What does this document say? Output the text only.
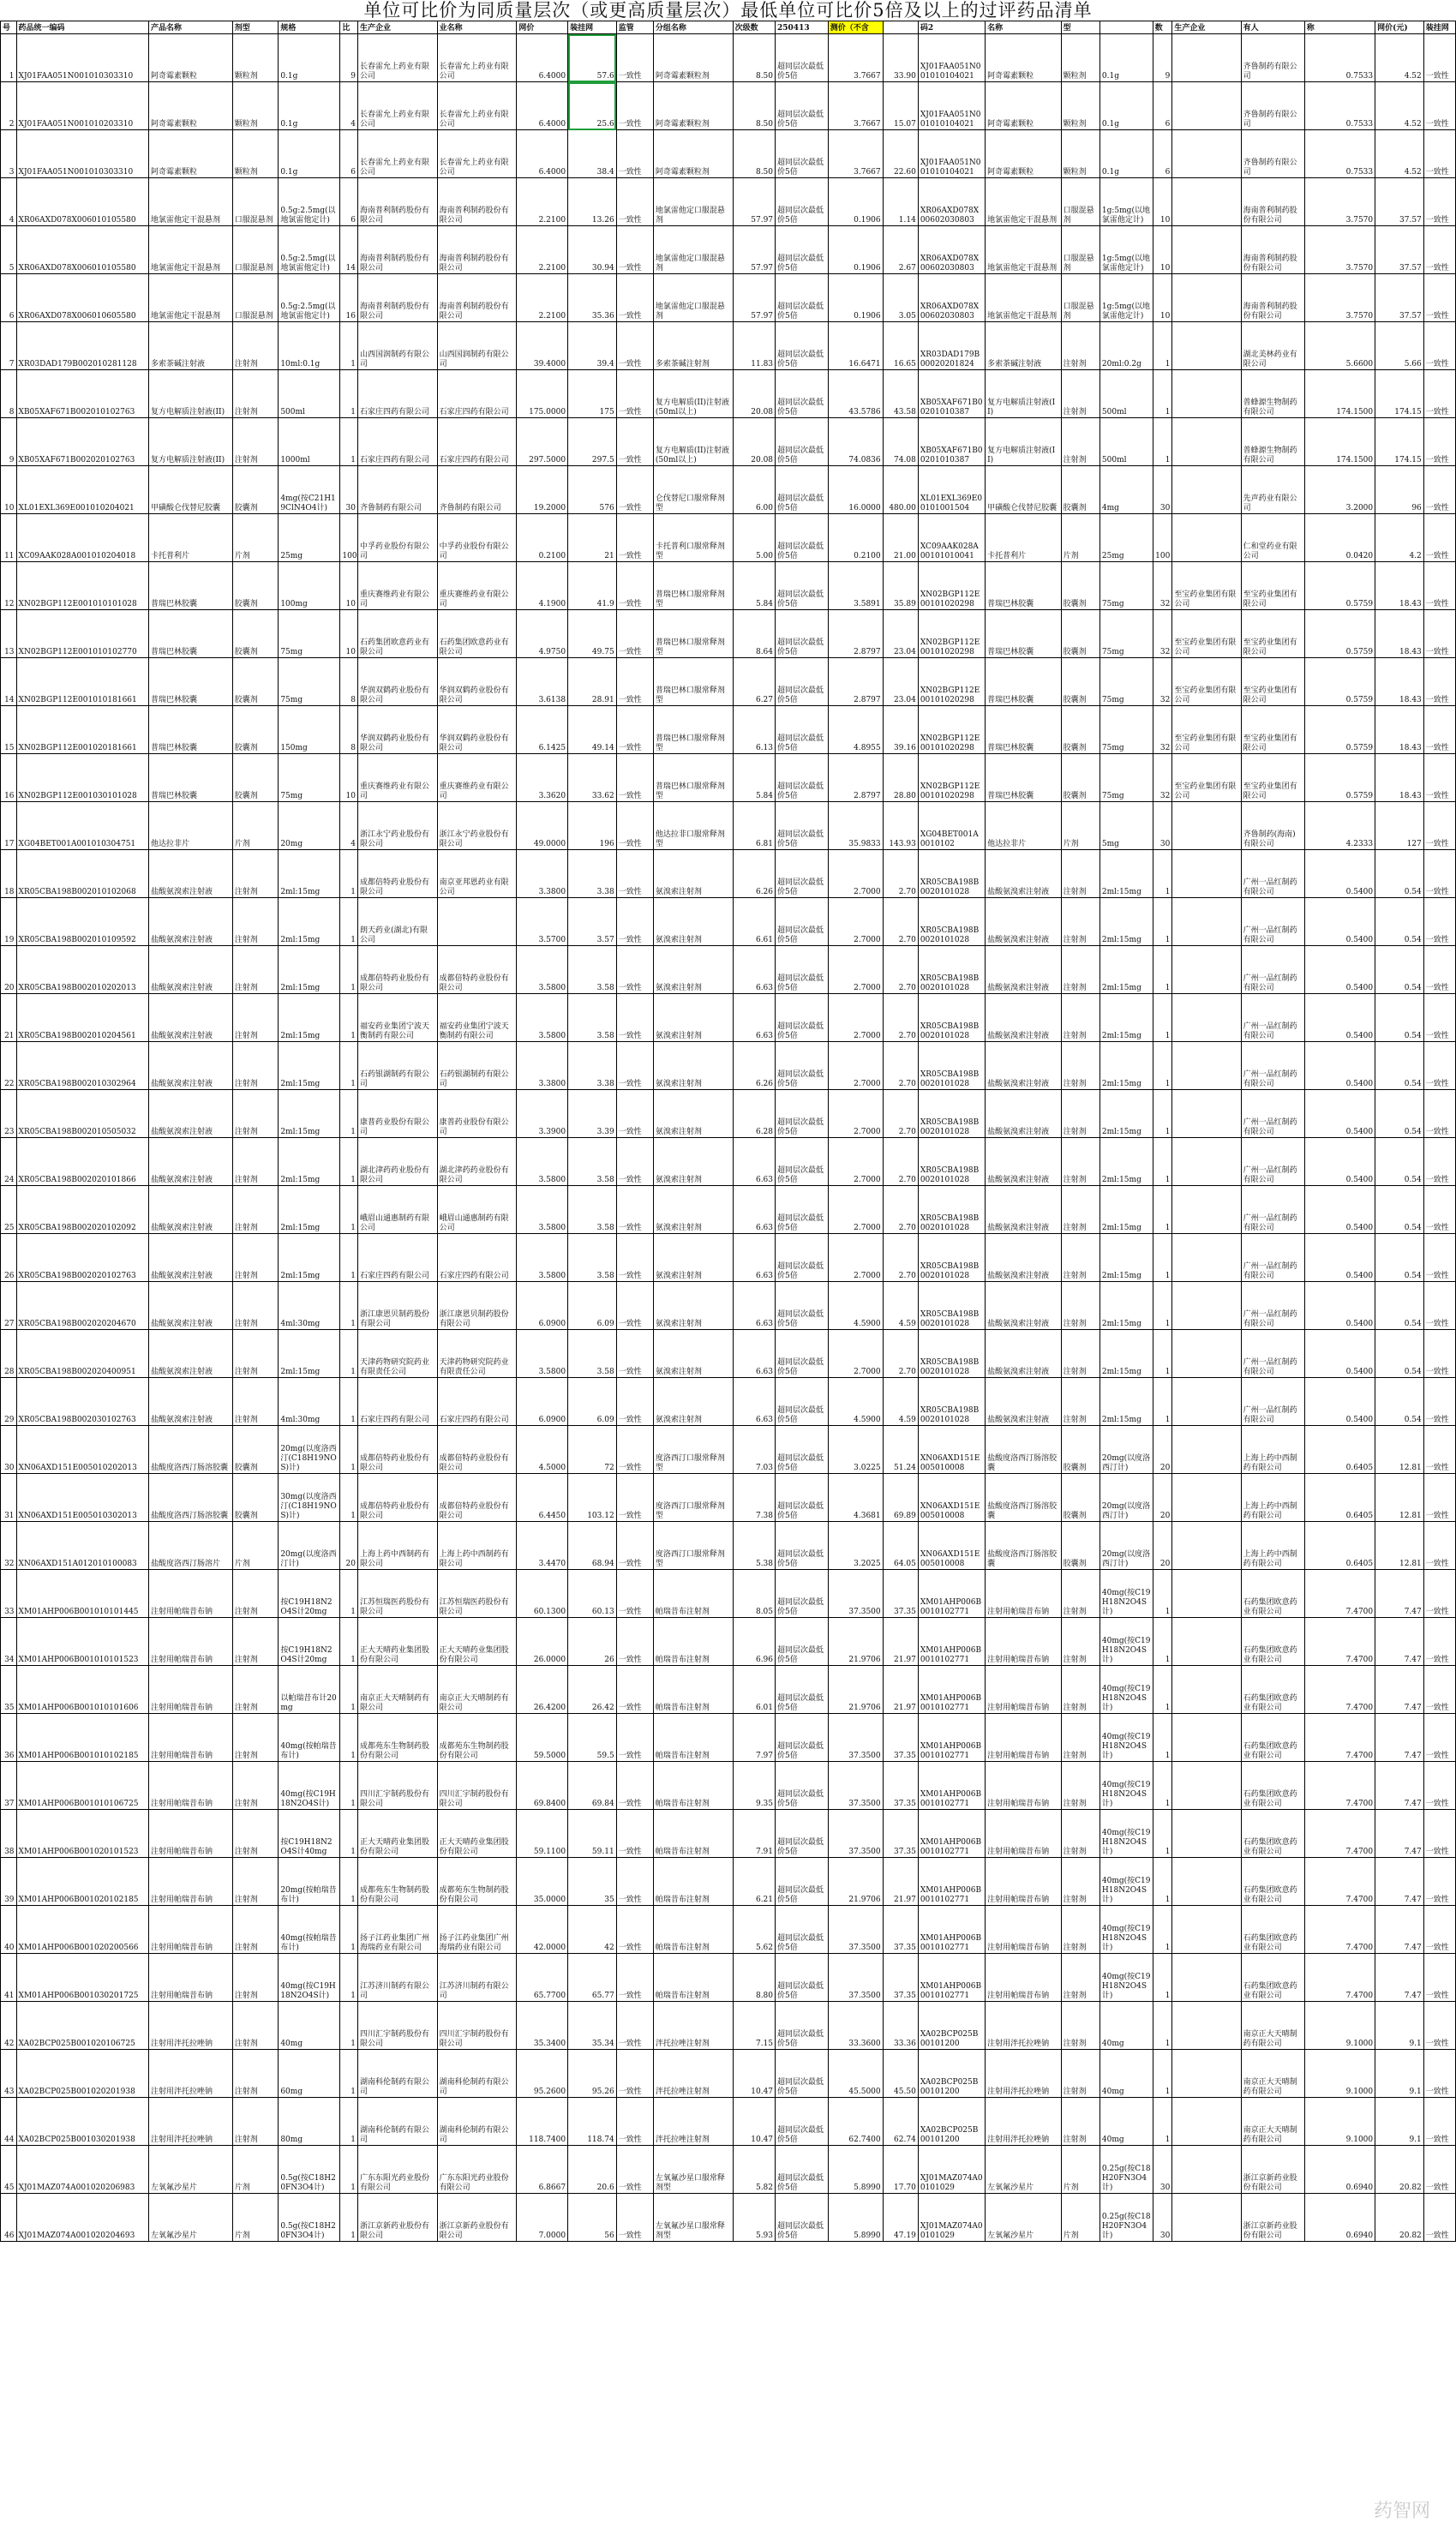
单位可比价为同质量层次（或更高质量层次）最低单位可比价5倍及以上的过评药品清单
号	药品统一编码	产品名称	剂型	规格	比	生产企业	业名称	网价	装挂网	监管	分组名称	次级数	250413	测价（不含		码2	名称	型		数	生产企业	有人	称	网价(元)	装挂网
1	XJ01FAA051N001010303310	阿奇霉素颗粒	颗粒剂	0.1g	9	长春雷允上药业有限公司	长春雷允上药业有限公司	6.4000	57.6	一致性	阿奇霉素颗粒剂	8.50	超同层次最低价5倍	3.7667	33.90	XJ01FAA051N001010104021	阿奇霉素颗粒	颗粒剂	0.1g	9		齐鲁制药有限公司	0.7533	4.52	一致性
2	XJ01FAA051N001010203310	阿奇霉素颗粒	颗粒剂	0.1g	4	长春雷允上药业有限公司	长春雷允上药业有限公司	6.4000	25.6	一致性	阿奇霉素颗粒剂	8.50	超同层次最低价5倍	3.7667	15.07	XJ01FAA051N001010104021	阿奇霉素颗粒	颗粒剂	0.1g	6		齐鲁制药有限公司	0.7533	4.52	一致性
3	XJ01FAA051N001010303310	阿奇霉素颗粒	颗粒剂	0.1g	6	长春雷允上药业有限公司	长春雷允上药业有限公司	6.4000	38.4	一致性	阿奇霉素颗粒剂	8.50	超同层次最低价5倍	3.7667	22.60	XJ01FAA051N001010104021	阿奇霉素颗粒	颗粒剂	0.1g	6		齐鲁制药有限公司	0.7533	4.52	一致性
4	XR06AXD078X006010105580	地氯雷他定干混悬剂	口服混悬剂	0.5g:2.5mg(以地氯雷他定计)	6	海南普利制药股份有限公司	海南普利制药股份有限公司	2.2100	13.26	一致性	地氯雷他定口服混悬剂	57.97	超同层次最低价5倍	0.1906	1.14	XR06AXD078X00602030803	地氯雷他定干混悬剂	口服混悬剂	1g:5mg(以地氯雷他定计)	10		海南普利制药股份有限公司	3.7570	37.57	一致性
5	XR06AXD078X006010105580	地氯雷他定干混悬剂	口服混悬剂	0.5g:2.5mg(以地氯雷他定计)	14	海南普利制药股份有限公司	海南普利制药股份有限公司	2.2100	30.94	一致性	地氯雷他定口服混悬剂	57.97	超同层次最低价5倍	0.1906	2.67	XR06AXD078X00602030803	地氯雷他定干混悬剂	口服混悬剂	1g:5mg(以地氯雷他定计)	10		海南普利制药股份有限公司	3.7570	37.57	一致性
6	XR06AXD078X006010605580	地氯雷他定干混悬剂	口服混悬剂	0.5g:2.5mg(以地氯雷他定计)	16	海南普利制药股份有限公司	海南普利制药股份有限公司	2.2100	35.36	一致性	地氯雷他定口服混悬剂	57.97	超同层次最低价5倍	0.1906	3.05	XR06AXD078X00602030803	地氯雷他定干混悬剂	口服混悬剂	1g:5mg(以地氯雷他定计)	10		海南普利制药股份有限公司	3.7570	37.57	一致性
7	XR03DAD179B002010281128	多索茶碱注射液	注射剂	10ml:0.1g	1	山西国润制药有限公司	山西国润制药有限公司	39.4000	39.4	一致性	多索茶碱注射剂	11.83	超同层次最低价5倍	16.6471	16.65	XR03DAD179B00020201824	多索茶碱注射液	注射剂	20ml:0.2g	1		湖北美林药业有限公司	5.6600	5.66	一致性
8	XB05XAF671B002010102763	复方电解质注射液(II)	注射剂	500ml	1	石家庄四药有限公司	石家庄四药有限公司	175.0000	175	一致性	复方电解质(II)注射液(50ml以上)	20.08	超同层次最低价5倍	43.5786	43.58	XB05XAF671B00201010387	复方电解质注射液(II)	注射剂	500ml	1		普蜂源生物制药有限公司	174.1500	174.15	一致性
9	XB05XAF671B002020102763	复方电解质注射液(II)	注射剂	1000ml	1	石家庄四药有限公司	石家庄四药有限公司	297.5000	297.5	一致性	复方电解质(II)注射液(50ml以上)	20.08	超同层次最低价5倍	74.0836	74.08	XB05XAF671B00201010387	复方电解质注射液(II)	注射剂	500ml	1		普蜂源生物制药有限公司	174.1500	174.15	一致性
10	XL01EXL369E001010204021	甲磺酸仑伐替尼胶囊	胶囊剂	4mg(按C21H19ClN4O4计)	30	齐鲁制药有限公司	齐鲁制药有限公司	19.2000	576	一致性	仑伐替尼口服常释剂型	6.00	超同层次最低价5倍	16.0000	480.00	XL01EXL369E00101001504	甲磺酸仑伐替尼胶囊	胶囊剂	4mg	30		先声药业有限公司	3.2000	96	一致性
11	XC09AAK028A001010204018	卡托普利片	片剂	25mg	100	中孚药业股份有限公司	中孚药业股份有限公司	0.2100	21	一致性	卡托普利口服常释剂型	5.00	超同层次最低价5倍	0.2100	21.00	XC09AAK028A00101010041	卡托普利片	片剂	25mg	100		仁和堂药业有限公司	0.0420	4.2	一致性
12	XN02BGP112E001010101028	普瑞巴林胶囊	胶囊剂	100mg	10	重庆赛维药业有限公司	重庆赛维药业有限公司	4.1900	41.9	一致性	普瑞巴林口服常释剂型	5.84	超同层次最低价5倍	3.5891	35.89	XN02BGP112E00101020298	普瑞巴林胶囊	胶囊剂	75mg	32	至宝药业集团有限公司	至宝药业集团有限公司	0.5759	18.43	一致性
13	XN02BGP112E001010102770	普瑞巴林胶囊	胶囊剂	75mg	10	石药集团欧意药业有限公司	石药集团欧意药业有限公司	4.9750	49.75	一致性	普瑞巴林口服常释剂型	8.64	超同层次最低价5倍	2.8797	23.04	XN02BGP112E00101020298	普瑞巴林胶囊	胶囊剂	75mg	32	至宝药业集团有限公司	至宝药业集团有限公司	0.5759	18.43	一致性
14	XN02BGP112E001010181661	普瑞巴林胶囊	胶囊剂	75mg	8	华润双鹤药业股份有限公司	华润双鹤药业股份有限公司	3.6138	28.91	一致性	普瑞巴林口服常释剂型	6.27	超同层次最低价5倍	2.8797	23.04	XN02BGP112E00101020298	普瑞巴林胶囊	胶囊剂	75mg	32	至宝药业集团有限公司	至宝药业集团有限公司	0.5759	18.43	一致性
15	XN02BGP112E001020181661	普瑞巴林胶囊	胶囊剂	150mg	8	华润双鹤药业股份有限公司	华润双鹤药业股份有限公司	6.1425	49.14	一致性	普瑞巴林口服常释剂型	6.13	超同层次最低价5倍	4.8955	39.16	XN02BGP112E00101020298	普瑞巴林胶囊	胶囊剂	75mg	32	至宝药业集团有限公司	至宝药业集团有限公司	0.5759	18.43	一致性
16	XN02BGP112E001030101028	普瑞巴林胶囊	胶囊剂	75mg	10	重庆赛维药业有限公司	重庆赛维药业有限公司	3.3620	33.62	一致性	普瑞巴林口服常释剂型	5.84	超同层次最低价5倍	2.8797	28.80	XN02BGP112E00101020298	普瑞巴林胶囊	胶囊剂	75mg	32	至宝药业集团有限公司	至宝药业集团有限公司	0.5759	18.43	一致性
17	XG04BET001A001010304751	他达拉非片	片剂	20mg	4	浙江永宁药业股份有限公司	浙江永宁药业股份有限公司	49.0000	196	一致性	他达拉非口服常释剂型	6.81	超同层次最低价5倍	35.9833	143.93	XG04BET001A0010102	他达拉非片	片剂	5mg	30		齐鲁制药(海南)有限公司	4.2333	127	一致性
18	XR05CBA198B002010102068	盐酸氨溴索注射液	注射剂	2ml:15mg	1	成都倍特药业股份有限公司	南京亚邦恩药业有限公司	3.3800	3.38	一致性	氨溴索注射剂	6.26	超同层次最低价5倍	2.7000	2.70	XR05CBA198B0020101028	盐酸氨溴索注射液	注射剂	2ml:15mg	1		广州一品红制药有限公司	0.5400	0.54	一致性
19	XR05CBA198B002010109592	盐酸氨溴索注射液	注射剂	2ml:15mg	1	朗天药业(湖北)有限公司		3.5700	3.57	一致性	氨溴索注射剂	6.61	超同层次最低价5倍	2.7000	2.70	XR05CBA198B0020101028	盐酸氨溴索注射液	注射剂	2ml:15mg	1		广州一品红制药有限公司	0.5400	0.54	一致性
20	XR05CBA198B002010202013	盐酸氨溴索注射液	注射剂	2ml:15mg	1	成都倍特药业股份有限公司	成都倍特药业股份有限公司	3.5800	3.58	一致性	氨溴索注射剂	6.63	超同层次最低价5倍	2.7000	2.70	XR05CBA198B0020101028	盐酸氨溴索注射液	注射剂	2ml:15mg	1		广州一品红制药有限公司	0.5400	0.54	一致性
21	XR05CBA198B002010204561	盐酸氨溴索注射液	注射剂	2ml:15mg	1	福安药业集团宁波天衡制药有限公司	福安药业集团宁波天衡制药有限公司	3.5800	3.58	一致性	氨溴索注射剂	6.63	超同层次最低价5倍	2.7000	2.70	XR05CBA198B0020101028	盐酸氨溴索注射液	注射剂	2ml:15mg	1		广州一品红制药有限公司	0.5400	0.54	一致性
22	XR05CBA198B002010302964	盐酸氨溴索注射液	注射剂	2ml:15mg	1	石药银湖制药有限公司	石药银湖制药有限公司	3.3800	3.38	一致性	氨溴索注射剂	6.26	超同层次最低价5倍	2.7000	2.70	XR05CBA198B0020101028	盐酸氨溴索注射液	注射剂	2ml:15mg	1		广州一品红制药有限公司	0.5400	0.54	一致性
23	XR05CBA198B002010505032	盐酸氨溴索注射液	注射剂	2ml:15mg	1	康普药业股份有限公司	康普药业股份有限公司	3.3900	3.39	一致性	氨溴索注射剂	6.28	超同层次最低价5倍	2.7000	2.70	XR05CBA198B0020101028	盐酸氨溴索注射液	注射剂	2ml:15mg	1		广州一品红制药有限公司	0.5400	0.54	一致性
24	XR05CBA198B002020101866	盐酸氨溴索注射液	注射剂	2ml:15mg	1	湖北津药药业股份有限公司	湖北津药药业股份有限公司	3.5800	3.58	一致性	氨溴索注射剂	6.63	超同层次最低价5倍	2.7000	2.70	XR05CBA198B0020101028	盐酸氨溴索注射液	注射剂	2ml:15mg	1		广州一品红制药有限公司	0.5400	0.54	一致性
25	XR05CBA198B002020102092	盐酸氨溴索注射液	注射剂	2ml:15mg	1	峨眉山通惠制药有限公司	峨眉山通惠制药有限公司	3.5800	3.58	一致性	氨溴索注射剂	6.63	超同层次最低价5倍	2.7000	2.70	XR05CBA198B0020101028	盐酸氨溴索注射液	注射剂	2ml:15mg	1		广州一品红制药有限公司	0.5400	0.54	一致性
26	XR05CBA198B002020102763	盐酸氨溴索注射液	注射剂	2ml:15mg	1	石家庄四药有限公司	石家庄四药有限公司	3.5800	3.58	一致性	氨溴索注射剂	6.63	超同层次最低价5倍	2.7000	2.70	XR05CBA198B0020101028	盐酸氨溴索注射液	注射剂	2ml:15mg	1		广州一品红制药有限公司	0.5400	0.54	一致性
27	XR05CBA198B002020204670	盐酸氨溴索注射液	注射剂	4ml:30mg	1	浙江康恩贝制药股份有限公司	浙江康恩贝制药股份有限公司	6.0900	6.09	一致性	氨溴索注射剂	6.63	超同层次最低价5倍	4.5900	4.59	XR05CBA198B0020101028	盐酸氨溴索注射液	注射剂	2ml:15mg	1		广州一品红制药有限公司	0.5400	0.54	一致性
28	XR05CBA198B002020400951	盐酸氨溴索注射液	注射剂	2ml:15mg	1	天津药物研究院药业有限责任公司	天津药物研究院药业有限责任公司	3.5800	3.58	一致性	氨溴索注射剂	6.63	超同层次最低价5倍	2.7000	2.70	XR05CBA198B0020101028	盐酸氨溴索注射液	注射剂	2ml:15mg	1		广州一品红制药有限公司	0.5400	0.54	一致性
29	XR05CBA198B002030102763	盐酸氨溴索注射液	注射剂	4ml:30mg	1	石家庄四药有限公司	石家庄四药有限公司	6.0900	6.09	一致性	氨溴索注射剂	6.63	超同层次最低价5倍	4.5900	4.59	XR05CBA198B0020101028	盐酸氨溴索注射液	注射剂	2ml:15mg	1		广州一品红制药有限公司	0.5400	0.54	一致性
30	XN06AXD151E005010202013	盐酸度洛西汀肠溶胶囊	胶囊剂	20mg(以度洛西汀(C18H19NOS)计)	1	成都倍特药业股份有限公司	成都倍特药业股份有限公司	4.5000	72	一致性	度洛西汀口服常释剂型	7.03	超同层次最低价5倍	3.0225	51.24	XN06AXD151E005010008	盐酸度洛西汀肠溶胶囊	胶囊剂	20mg(以度洛西汀计)	20		上海上药中西制药有限公司	0.6405	12.81	一致性
31	XN06AXD151E005010302013	盐酸度洛西汀肠溶胶囊	胶囊剂	30mg(以度洛西汀(C18H19NOS)计)	1	成都倍特药业股份有限公司	成都倍特药业股份有限公司	6.4450	103.12	一致性	度洛西汀口服常释剂型	7.38	超同层次最低价5倍	4.3681	69.89	XN06AXD151E005010008	盐酸度洛西汀肠溶胶囊	胶囊剂	20mg(以度洛西汀计)	20		上海上药中西制药有限公司	0.6405	12.81	一致性
32	XN06AXD151A012010100083	盐酸度洛西汀肠溶片	片剂	20mg(以度洛西汀计)	20	上海上药中西制药有限公司	上海上药中西制药有限公司	3.4470	68.94	一致性	度洛西汀口服常释剂型	5.38	超同层次最低价5倍	3.2025	64.05	XN06AXD151E005010008	盐酸度洛西汀肠溶胶囊	胶囊剂	20mg(以度洛西汀计)	20		上海上药中西制药有限公司	0.6405	12.81	一致性
33	XM01AHP006B001010101445	注射用帕瑞昔布钠	注射剂	按C19H18N2O4S计20mg	1	江苏恒瑞医药股份有限公司	江苏恒瑞医药股份有限公司	60.1300	60.13	一致性	帕瑞昔布注射剂	8.05	超同层次最低价5倍	37.3500	37.35	XM01AHP006B0010102771	注射用帕瑞昔布钠	注射剂	40mg(按C19H18N2O4S计)	1		石药集团欧意药业有限公司	7.4700	7.47	一致性
34	XM01AHP006B001010101523	注射用帕瑞昔布钠	注射剂	按C19H18N2O4S计20mg	1	正大天晴药业集团股份有限公司	正大天晴药业集团股份有限公司	26.0000	26	一致性	帕瑞昔布注射剂	6.96	超同层次最低价5倍	21.9706	21.97	XM01AHP006B0010102771	注射用帕瑞昔布钠	注射剂	40mg(按C19H18N2O4S计)	1		石药集团欧意药业有限公司	7.4700	7.47	一致性
35	XM01AHP006B001010101606	注射用帕瑞昔布钠	注射剂	以帕瑞昔布计20mg	1	南京正大天晴制药有限公司	南京正大天晴制药有限公司	26.4200	26.42	一致性	帕瑞昔布注射剂	6.01	超同层次最低价5倍	21.9706	21.97	XM01AHP006B0010102771	注射用帕瑞昔布钠	注射剂	40mg(按C19H18N2O4S计)	1		石药集团欧意药业有限公司	7.4700	7.47	一致性
36	XM01AHP006B001010102185	注射用帕瑞昔布钠	注射剂	40mg(按帕瑞昔布计)	1	成都苑东生物制药股份有限公司	成都苑东生物制药股份有限公司	59.5000	59.5	一致性	帕瑞昔布注射剂	7.97	超同层次最低价5倍	37.3500	37.35	XM01AHP006B0010102771	注射用帕瑞昔布钠	注射剂	40mg(按C19H18N2O4S计)	1		石药集团欧意药业有限公司	7.4700	7.47	一致性
37	XM01AHP006B001010106725	注射用帕瑞昔布钠	注射剂	40mg(按C19H18N2O4S计)	1	四川汇宇制药股份有限公司	四川汇宇制药股份有限公司	69.8400	69.84	一致性	帕瑞昔布注射剂	9.35	超同层次最低价5倍	37.3500	37.35	XM01AHP006B0010102771	注射用帕瑞昔布钠	注射剂	40mg(按C19H18N2O4S计)	1		石药集团欧意药业有限公司	7.4700	7.47	一致性
38	XM01AHP006B001020101523	注射用帕瑞昔布钠	注射剂	按C19H18N2O4S计40mg	1	正大天晴药业集团股份有限公司	正大天晴药业集团股份有限公司	59.1100	59.11	一致性	帕瑞昔布注射剂	7.91	超同层次最低价5倍	37.3500	37.35	XM01AHP006B0010102771	注射用帕瑞昔布钠	注射剂	40mg(按C19H18N2O4S计)	1		石药集团欧意药业有限公司	7.4700	7.47	一致性
39	XM01AHP006B001020102185	注射用帕瑞昔布钠	注射剂	20mg(按帕瑞昔布计)	1	成都苑东生物制药股份有限公司	成都苑东生物制药股份有限公司	35.0000	35	一致性	帕瑞昔布注射剂	6.21	超同层次最低价5倍	21.9706	21.97	XM01AHP006B0010102771	注射用帕瑞昔布钠	注射剂	40mg(按C19H18N2O4S计)	1		石药集团欧意药业有限公司	7.4700	7.47	一致性
40	XM01AHP006B001020200566	注射用帕瑞昔布钠	注射剂	40mg(按帕瑞昔布计)	1	扬子江药业集团广州海瑞药业有限公司	扬子江药业集团广州海瑞药业有限公司	42.0000	42	一致性	帕瑞昔布注射剂	5.62	超同层次最低价5倍	37.3500	37.35	XM01AHP006B0010102771	注射用帕瑞昔布钠	注射剂	40mg(按C19H18N2O4S计)	1		石药集团欧意药业有限公司	7.4700	7.47	一致性
41	XM01AHP006B001030201725	注射用帕瑞昔布钠	注射剂	40mg(按C19H18N2O4S计)	1	江苏济川制药有限公司	江苏济川制药有限公司	65.7700	65.77	一致性	帕瑞昔布注射剂	8.80	超同层次最低价5倍	37.3500	37.35	XM01AHP006B0010102771	注射用帕瑞昔布钠	注射剂	40mg(按C19H18N2O4S计)	1		石药集团欧意药业有限公司	7.4700	7.47	一致性
42	XA02BCP025B001020106725	注射用泮托拉唑钠	注射剂	40mg	1	四川汇宇制药股份有限公司	四川汇宇制药股份有限公司	35.3400	35.34	一致性	泮托拉唑注射剂	7.15	超同层次最低价5倍	33.3600	33.36	XA02BCP025B00101200	注射用泮托拉唑钠	注射剂	40mg	1		南京正大天晴制药有限公司	9.1000	9.1	一致性
43	XA02BCP025B001020201938	注射用泮托拉唑钠	注射剂	60mg	1	湖南科伦制药有限公司	湖南科伦制药有限公司	95.2600	95.26	一致性	泮托拉唑注射剂	10.47	超同层次最低价5倍	45.5000	45.50	XA02BCP025B00101200	注射用泮托拉唑钠	注射剂	40mg	1		南京正大天晴制药有限公司	9.1000	9.1	一致性
44	XA02BCP025B001030201938	注射用泮托拉唑钠	注射剂	80mg	1	湖南科伦制药有限公司	湖南科伦制药有限公司	118.7400	118.74	一致性	泮托拉唑注射剂	10.47	超同层次最低价5倍	62.7400	62.74	XA02BCP025B00101200	注射用泮托拉唑钠	注射剂	40mg	1		南京正大天晴制药有限公司	9.1000	9.1	一致性
45	XJ01MAZ074A001020206983	左氧氟沙星片	片剂	0.5g(按C18H20FN3O4计)	1	广东东阳光药业股份有限公司	广东东阳光药业股份有限公司	6.8667	20.6	一致性	左氧氟沙星口服常释剂型	5.82	超同层次最低价5倍	5.8990	17.70	XJ01MAZ074A00101029	左氧氟沙星片	片剂	0.25g(按C18H20FN3O4计)	30		浙江京新药业股份有限公司	0.6940	20.82	一致性
46	XJ01MAZ074A001020204693	左氧氟沙星片	片剂	0.5g(按C18H20FN3O4计)	1	浙江京新药业股份有限公司	浙江京新药业股份有限公司	7.0000	56	一致性	左氧氟沙星口服常释剂型	5.93	超同层次最低价5倍	5.8990	47.19	XJ01MAZ074A00101029	左氧氟沙星片	片剂	0.25g(按C18H20FN3O4计)	30		浙江京新药业股份有限公司	0.6940	20.82	一致性
药智网
